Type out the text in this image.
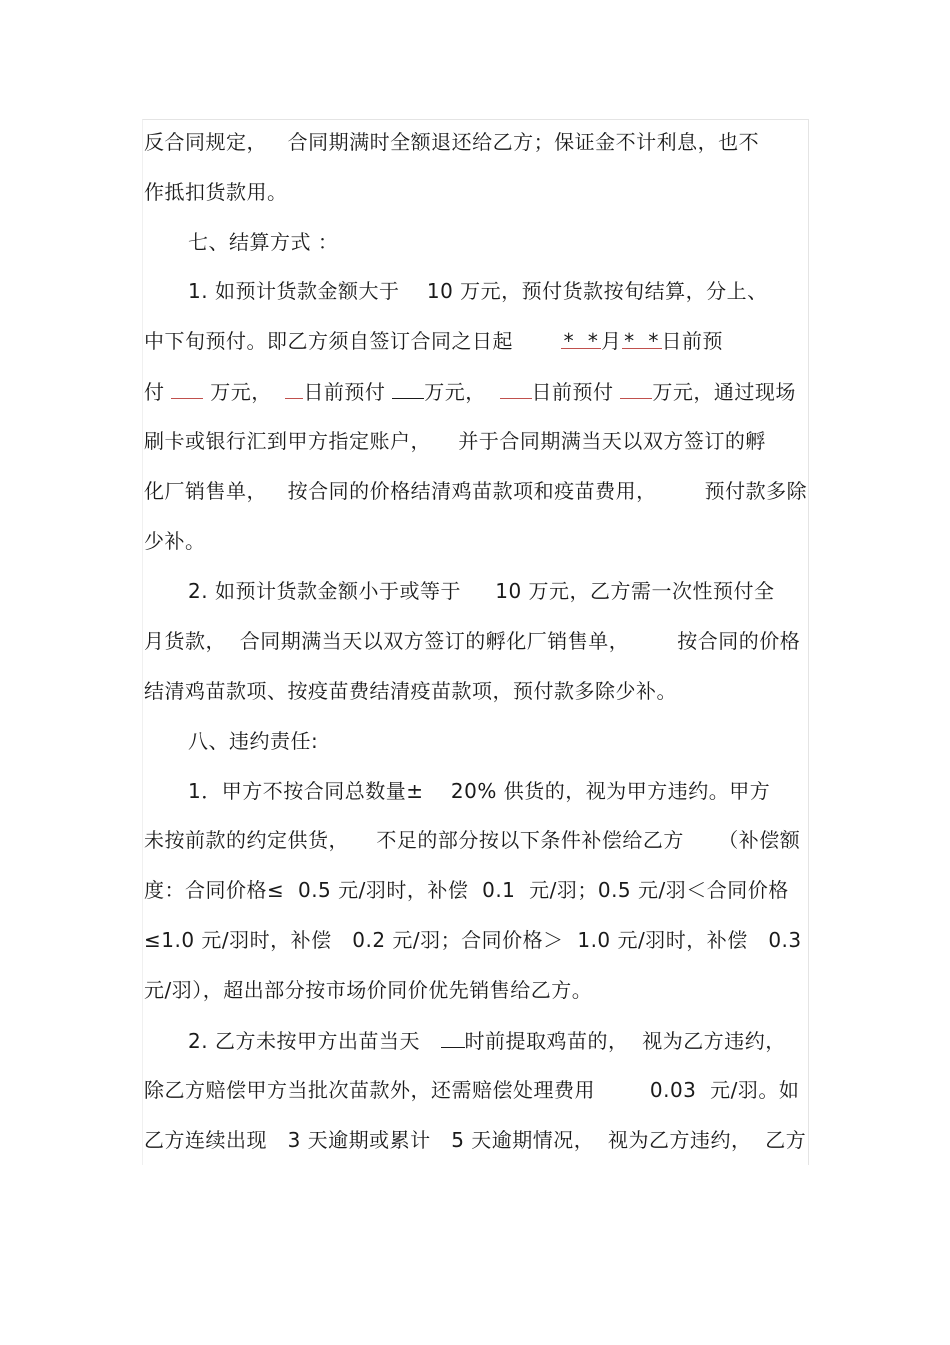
反合同规定，   合同期满时全额退还给乙方；保证金不计利息，也不
作抵扣货款用。
七、结算方式 ：
1. 如预计货款金额大于    10 万元，预付货款按旬结算，分上、
中下旬预付。即乙方须自签订合同之日起	*  * 月 *  * 日前预
付 万元， 日前预付 万元， 日前预付 万元，通过现场
刷卡或银行汇到甲方指定账户，    并于合同期满当天以双方签订的孵
化厂销售单，   按合同的价格结清鸡苗款项和疫苗费用，       预付款多除
少补。
2. 如预计货款金额小于或等于     10 万元，乙方需一次性预付全
月货款，  合同期满当天以双方签订的孵化厂销售单，       按合同的价格
结清鸡苗款项、按疫苗费结清疫苗款项，预付款多除少补。
八、违约责任:
1．甲方不按合同总数量±    20% 供货的，视为甲方违约。甲方
未按前款的约定供货，    不足的部分按以下条件补偿给乙方     （补偿额
度：合同价格≤  0.5 元/羽时，补偿  0.1  元/羽；0.5 元/羽＜合同价格
≤1.0 元/羽时，补偿   0.2 元/羽；合同价格＞  1.0 元/羽时，补偿   0.3
元/羽），超出部分按市场价同价优先销售给乙方。
2. 乙方未按甲方出苗当天 时前提取鸡苗的，  视为乙方违约，
除乙方赔偿甲方当批次苗款外，还需赔偿处理费用        0.03  元/羽。如
乙方连续出现   3 天逾期或累计   5 天逾期情况，  视为乙方违约，  乙方
